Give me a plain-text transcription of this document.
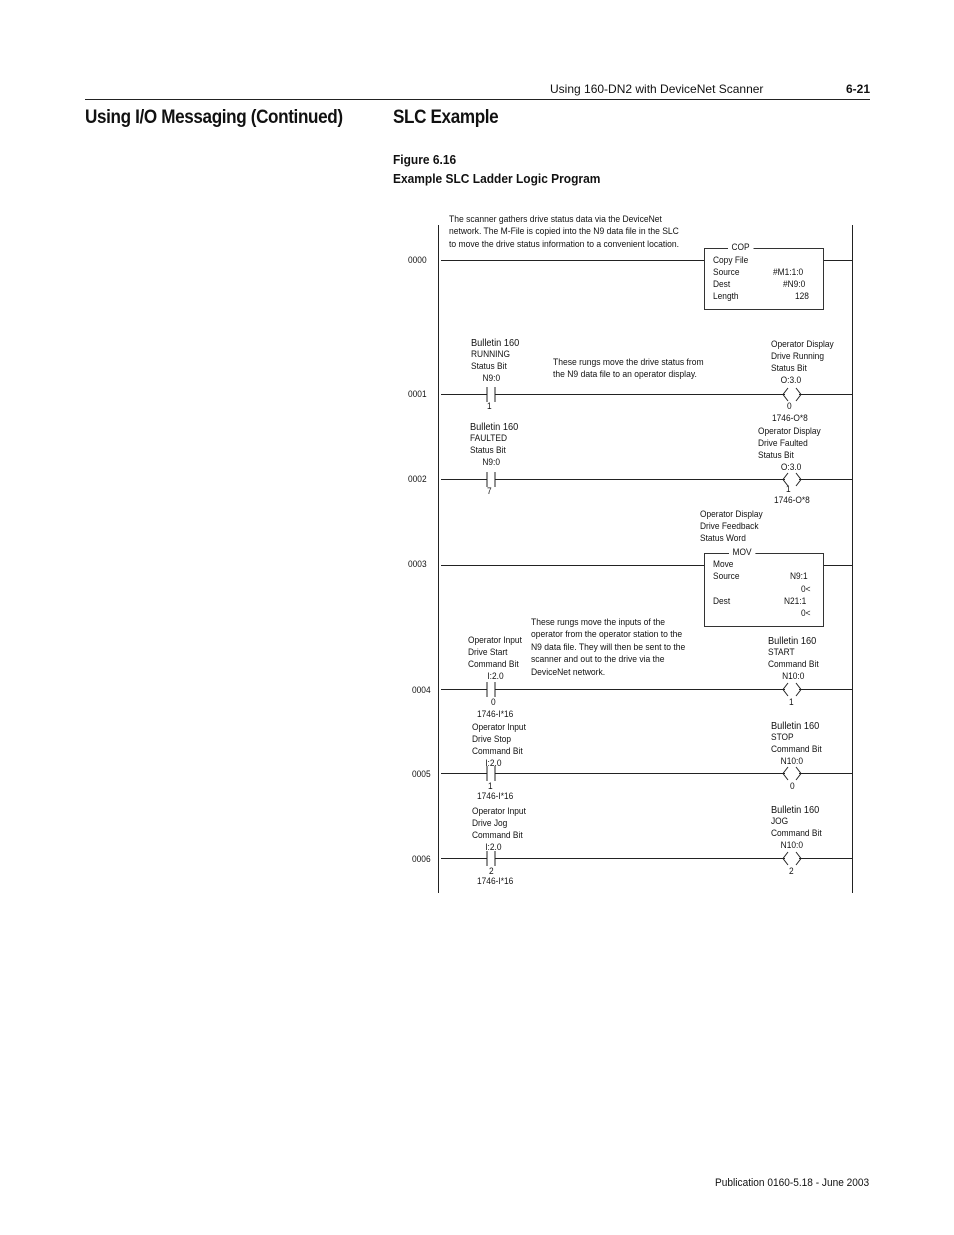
Using 160-DN2 with DeviceNet Scanner	6-21
Using I/O Messaging (Continued)	SLC Example
Figure 6.16
Example SLC Ladder Logic Program
0000
0001
0002
0003
0004
0005
0006
The scanner gathers drive status data via the DeviceNet
network. The M-File is copied into the N9 data file in the SLC
to move the drive status information to a convenient location.
These rungs move the drive status from
the N9 data file to an operator display.
These rungs move the inputs of the
operator from the operator station to the
N9 data file. They will then be sent to the
scanner and out to the drive via the
DeviceNet network.
COP
Copy File
Source	#M1:1:0
Dest	#N9:0
Length	128
Bulletin 160
RUNNING
Status Bit
N9:0
1
Operator Display
Drive Running
Status Bit
O:3.0
0
1746-O*8
Bulletin 160
FAULTED
Status Bit
N9:0
7
Operator Display
Drive Faulted
Status Bit
O:3.0
1
1746-O*8
Operator Display
Drive Feedback
Status Word
MOV
Move
Source	N9:1
0<
Dest	N21:1
0<
Operator Input
Drive Start
Command Bit
I:2.0
0
1746-I*16
Bulletin 160
START
Command Bit
N10:0
1
Operator Input
Drive Stop
Command Bit
I:2.0
1
1746-I*16
Bulletin 160
STOP
Command Bit
N10:0
0
Operator Input
Drive Jog
Command Bit
I:2.0
2
1746-I*16
Bulletin 160
JOG
Command Bit
N10:0
2
Publication 0160-5.18 - June 2003
